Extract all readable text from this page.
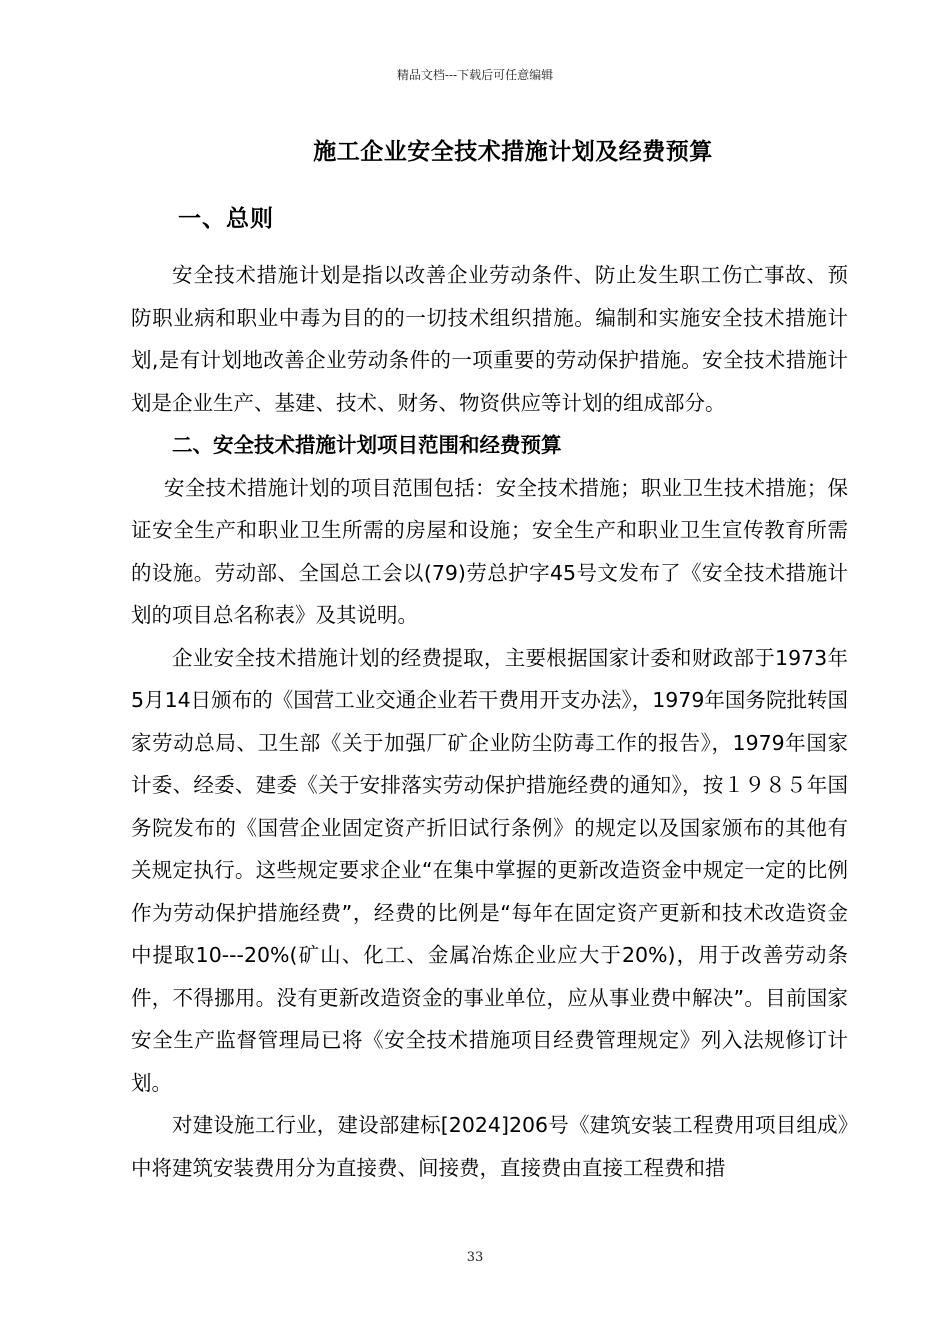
精品文档---下载后可任意编辑
施工企业安全技术措施计划及经费预算
一、总则

安全技术措施计划是指以改善企业劳动条件、防止发生职工伤亡事故、预防职业病和职业中毒为目的的一切技术组织措施。编制和实施安全技术措施计划,是有计划地改善企业劳动条件的一项重要的劳动保护措施。安全技术措施计划是企业生产、基建、技术、财务、物资供应等计划的组成部分。

二、安全技术措施计划项目范围和经费预算

安全技术措施计划的项目范围包括：安全技术措施；职业卫生技术措施；保证安全生产和职业卫生所需的房屋和设施；安全生产和职业卫生宣传教育所需的设施。劳动部、全国总工会以(79)劳总护字45号文发布了《安全技术措施计划的项目总名称表》及其说明。

企业安全技术措施计划的经费提取，主要根据国家计委和财政部于1973年5月14日颁布的《国营工业交通企业若干费用开支办法》，1979年国务院批转国家劳动总局、卫生部《关于加强厂矿企业防尘防毒工作的报告》，1979年国家计委、经委、建委《关于安排落实劳动保护措施经费的通知》，按１９８５年国务院发布的《国营企业固定资产折旧试行条例》的规定以及国家颁布的其他有关规定执行。这些规定要求企业“在集中掌握的更新改造资金中规定一定的比例作为劳动保护措施经费”，经费的比例是“每年在固定资产更新和技术改造资金中提取10---20%(矿山、化工、金属冶炼企业应大于20%)，用于改善劳动条件，不得挪用。没有更新改造资金的事业单位，应从事业费中解决”。目前国家安全生产监督管理局已将《安全技术措施项目经费管理规定》列入法规修订计划。

对建设施工行业，建设部建标[2024]206号《建筑安装工程费用项目组成》中将建筑安装费用分为直接费、间接费，直接费由直接工程费和措

33
